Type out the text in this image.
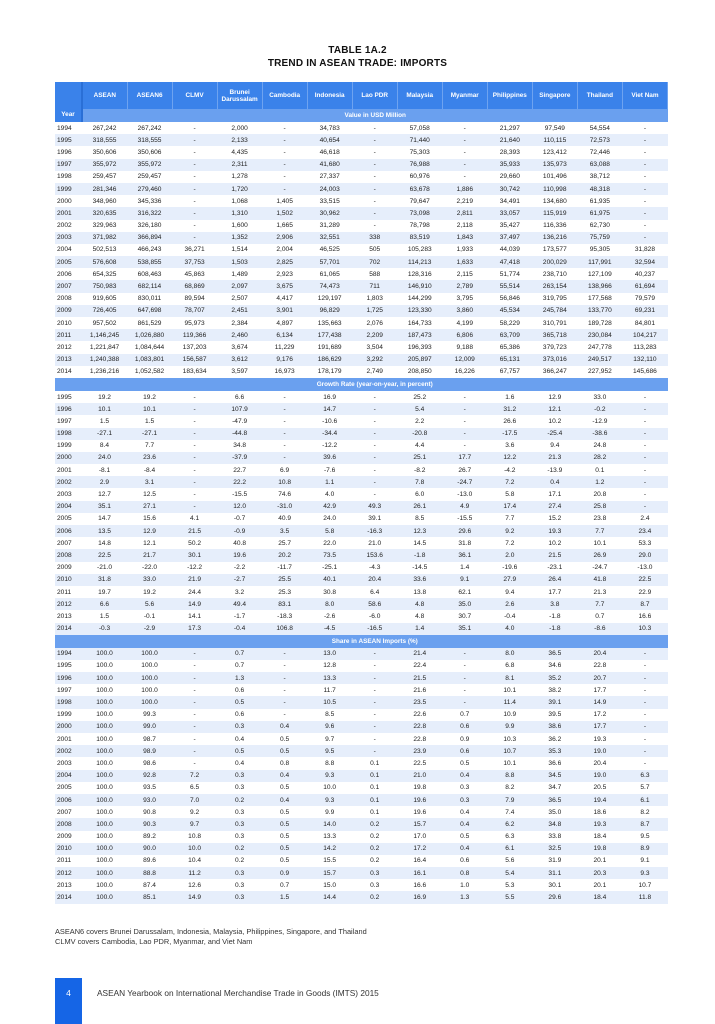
TABLE 1A.2
TREND IN ASEAN TRADE: IMPORTS
Year	ASEAN	ASEAN6	CLMV	Brunei Darussalam	Cambodia	Indonesia	Lao PDR	Malaysia	Myanmar	Philippines	Singapore	Thailand	Viet Nam
	Value in USD Million												
1994	267,242	267,242	-	2,000	-	34,783	-	57,058	-	21,297	97,549	54,554	-
1995	318,555	318,555	-	2,133	-	40,654	-	71,440	-	21,640	110,115	72,573	-
1996	350,606	350,606	-	4,435	-	46,618	-	75,303	-	28,393	123,412	72,446	-
1997	355,972	355,972	-	2,311	-	41,680	-	76,988	-	35,933	135,973	63,088	-
1998	259,457	259,457	-	1,278	-	27,337	-	60,976	-	29,660	101,496	38,712	-
1999	281,346	279,460	-	1,720	-	24,003	-	63,678	1,886	30,742	110,998	48,318	-
2000	348,960	345,336	-	1,068	1,405	33,515	-	79,647	2,219	34,491	134,680	61,935	-
2001	320,635	316,322	-	1,310	1,502	30,962	-	73,098	2,811	33,057	115,919	61,975	-
2002	329,963	326,180	-	1,600	1,665	31,289	-	78,798	2,118	35,427	116,336	62,730	-
2003	371,982	366,894	-	1,352	2,906	32,551	338	83,519	1,843	37,497	136,216	75,759	-
2004	502,513	466,243	36,271	1,514	2,004	46,525	505	105,283	1,933	44,039	173,577	95,305	31,828
2005	576,608	538,855	37,753	1,503	2,825	57,701	702	114,213	1,633	47,418	200,029	117,991	32,594
2006	654,325	608,463	45,863	1,489	2,923	61,065	588	128,316	2,115	51,774	238,710	127,109	40,237
2007	750,983	682,114	68,869	2,097	3,675	74,473	711	146,910	2,789	55,514	263,154	138,966	61,694
2008	919,605	830,011	89,594	2,507	4,417	129,197	1,803	144,299	3,795	56,846	319,795	177,568	79,579
2009	726,405	647,698	78,707	2,451	3,901	96,829	1,725	123,330	3,860	45,534	245,784	133,770	69,231
2010	957,502	861,529	95,973	2,384	4,897	135,663	2,076	164,733	4,199	58,229	310,791	189,728	84,801
2011	1,146,245	1,026,880	119,366	2,460	6,134	177,438	2,209	187,473	6,806	63,709	365,718	230,084	104,217
2012	1,221,847	1,084,644	137,203	3,674	11,229	191,689	3,504	196,393	9,188	65,386	379,723	247,778	113,283
2013	1,240,388	1,083,801	156,587	3,612	9,176	186,629	3,292	205,897	12,009	65,131	373,016	249,517	132,110
2014	1,236,216	1,052,582	183,634	3,597	16,973	178,179	2,749	208,850	16,226	67,757	366,247	227,952	145,686
	Growth Rate (year-on-year, in percent)												
1995	19.2	19.2	-	6.6	-	16.9	-	25.2	-	1.6	12.9	33.0	-
1996	10.1	10.1	-	107.9	-	14.7	-	5.4	-	31.2	12.1	-0.2	-
1997	1.5	1.5	-	-47.9	-	-10.6	-	2.2	-	26.6	10.2	-12.9	-
1998	-27.1	-27.1	-	-44.8	-	-34.4	-	-20.8	-	-17.5	-25.4	-38.6	-
1999	8.4	7.7	-	34.8	-	-12.2	-	4.4	-	3.6	9.4	24.8	-
2000	24.0	23.6	-	-37.9	-	39.6	-	25.1	17.7	12.2	21.3	28.2	-
2001	-8.1	-8.4	-	22.7	6.9	-7.6	-	-8.2	26.7	-4.2	-13.9	0.1	-
2002	2.9	3.1	-	22.2	10.8	1.1	-	7.8	-24.7	7.2	0.4	1.2	-
2003	12.7	12.5	-	-15.5	74.6	4.0	-	6.0	-13.0	5.8	17.1	20.8	-
2004	35.1	27.1	-	12.0	-31.0	42.9	49.3	26.1	4.9	17.4	27.4	25.8	-
2005	14.7	15.6	4.1	-0.7	40.9	24.0	39.1	8.5	-15.5	7.7	15.2	23.8	2.4
2006	13.5	12.9	21.5	-0.9	3.5	5.8	-16.3	12.3	29.6	9.2	19.3	7.7	23.4
2007	14.8	12.1	50.2	40.8	25.7	22.0	21.0	14.5	31.8	7.2	10.2	10.1	53.3
2008	22.5	21.7	30.1	19.6	20.2	73.5	153.6	-1.8	36.1	2.0	21.5	26.9	29.0
2009	-21.0	-22.0	-12.2	-2.2	-11.7	-25.1	-4.3	-14.5	1.4	-19.6	-23.1	-24.7	-13.0
2010	31.8	33.0	21.9	-2.7	25.5	40.1	20.4	33.6	9.1	27.9	26.4	41.8	22.5
2011	19.7	19.2	24.4	3.2	25.3	30.8	6.4	13.8	62.1	9.4	17.7	21.3	22.9
2012	6.6	5.6	14.9	49.4	83.1	8.0	58.6	4.8	35.0	2.6	3.8	7.7	8.7
2013	1.5	-0.1	14.1	-1.7	-18.3	-2.6	-6.0	4.8	30.7	-0.4	-1.8	0.7	16.6
2014	-0.3	-2.9	17.3	-0.4	106.8	-4.5	-16.5	1.4	35.1	4.0	-1.8	-8.6	10.3
	Share in ASEAN Imports (%)												
1994	100.0	100.0	-	0.7	-	13.0	-	21.4	-	8.0	36.5	20.4	-
1995	100.0	100.0	-	0.7	-	12.8	-	22.4	-	6.8	34.6	22.8	-
1996	100.0	100.0	-	1.3	-	13.3	-	21.5	-	8.1	35.2	20.7	-
1997	100.0	100.0	-	0.6	-	11.7	-	21.6	-	10.1	38.2	17.7	-
1998	100.0	100.0	-	0.5	-	10.5	-	23.5	-	11.4	39.1	14.9	-
1999	100.0	99.3	-	0.6	-	8.5	-	22.6	0.7	10.9	39.5	17.2	-
2000	100.0	99.0	-	0.3	0.4	9.6	-	22.8	0.6	9.9	38.6	17.7	-
2001	100.0	98.7	-	0.4	0.5	9.7	-	22.8	0.9	10.3	36.2	19.3	-
2002	100.0	98.9	-	0.5	0.5	9.5	-	23.9	0.6	10.7	35.3	19.0	-
2003	100.0	98.6	-	0.4	0.8	8.8	0.1	22.5	0.5	10.1	36.6	20.4	-
2004	100.0	92.8	7.2	0.3	0.4	9.3	0.1	21.0	0.4	8.8	34.5	19.0	6.3
2005	100.0	93.5	6.5	0.3	0.5	10.0	0.1	19.8	0.3	8.2	34.7	20.5	5.7
2006	100.0	93.0	7.0	0.2	0.4	9.3	0.1	19.6	0.3	7.9	36.5	19.4	6.1
2007	100.0	90.8	9.2	0.3	0.5	9.9	0.1	19.6	0.4	7.4	35.0	18.6	8.2
2008	100.0	90.3	9.7	0.3	0.5	14.0	0.2	15.7	0.4	6.2	34.8	19.3	8.7
2009	100.0	89.2	10.8	0.3	0.5	13.3	0.2	17.0	0.5	6.3	33.8	18.4	9.5
2010	100.0	90.0	10.0	0.2	0.5	14.2	0.2	17.2	0.4	6.1	32.5	19.8	8.9
2011	100.0	89.6	10.4	0.2	0.5	15.5	0.2	16.4	0.6	5.6	31.9	20.1	9.1
2012	100.0	88.8	11.2	0.3	0.9	15.7	0.3	16.1	0.8	5.4	31.1	20.3	9.3
2013	100.0	87.4	12.6	0.3	0.7	15.0	0.3	16.6	1.0	5.3	30.1	20.1	10.7
2014	100.0	85.1	14.9	0.3	1.5	14.4	0.2	16.9	1.3	5.5	29.6	18.4	11.8
ASEAN6 covers Brunei Darussalam, Indonesia, Malaysia, Philippines, Singapore, and Thailand
CLMV covers Cambodia, Lao PDR, Myanmar, and Viet Nam
4	ASEAN Yearbook on International Merchandise Trade in Goods (IMTS) 2015
